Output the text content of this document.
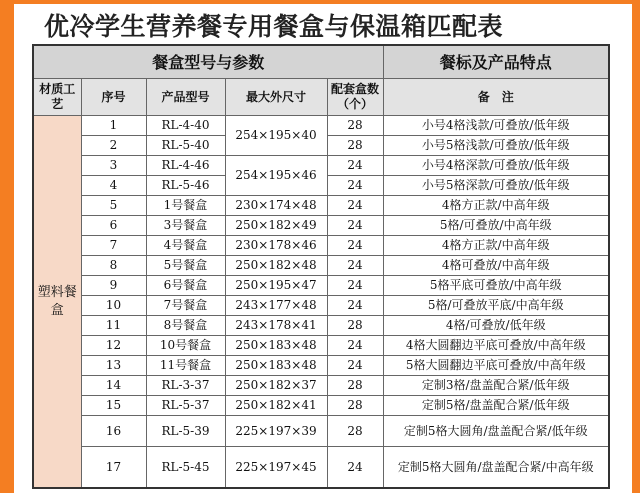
优冷学生营养餐专用餐盒与保温箱匹配表
餐盒型号与参数					餐标及产品特点
材质工艺	序号	产品型号	最大外尺寸	配套盒数（个）	备　注
塑料餐盒	1	RL-4-40	254×195×40	28	小号4格浅款/可叠放/低年级
	2	RL-5-40		28	小号5格浅款/可叠放/低年级
	3	RL-4-46	254×195×46	24	小号4格深款/可叠放/低年级
	4	RL-5-46		24	小号5格深款/可叠放/低年级
	5	1号餐盒	230×174×48	24	4格方正款/中高年级
	6	3号餐盒	250×182×49	24	5格/可叠放/中高年级
	7	4号餐盒	230×178×46	24	4格方正款/中高年级
	8	5号餐盒	250×182×48	24	4格可叠放/中高年级
	9	6号餐盒	250×195×47	24	5格平底可叠放/中高年级
	10	7号餐盒	243×177×48	24	5格/可叠放平底/中高年级
	11	8号餐盒	243×178×41	28	4格/可叠放/低年级
	12	10号餐盒	250×183×48	24	4格大圆翻边平底可叠放/中高年级
	13	11号餐盒	250×183×48	24	5格大圆翻边平底可叠放/中高年级
	14	RL-3-37	250×182×37	28	定制3格/盘盖配合紧/低年级
	15	RL-5-37	250×182×41	28	定制5格/盘盖配合紧/低年级
	16	RL-5-39	225×197×39	28	定制5格大圆角/盘盖配合紧/低年级
	17	RL-5-45	225×197×45	24	定制5格大圆角/盘盖配合紧/中高年级
